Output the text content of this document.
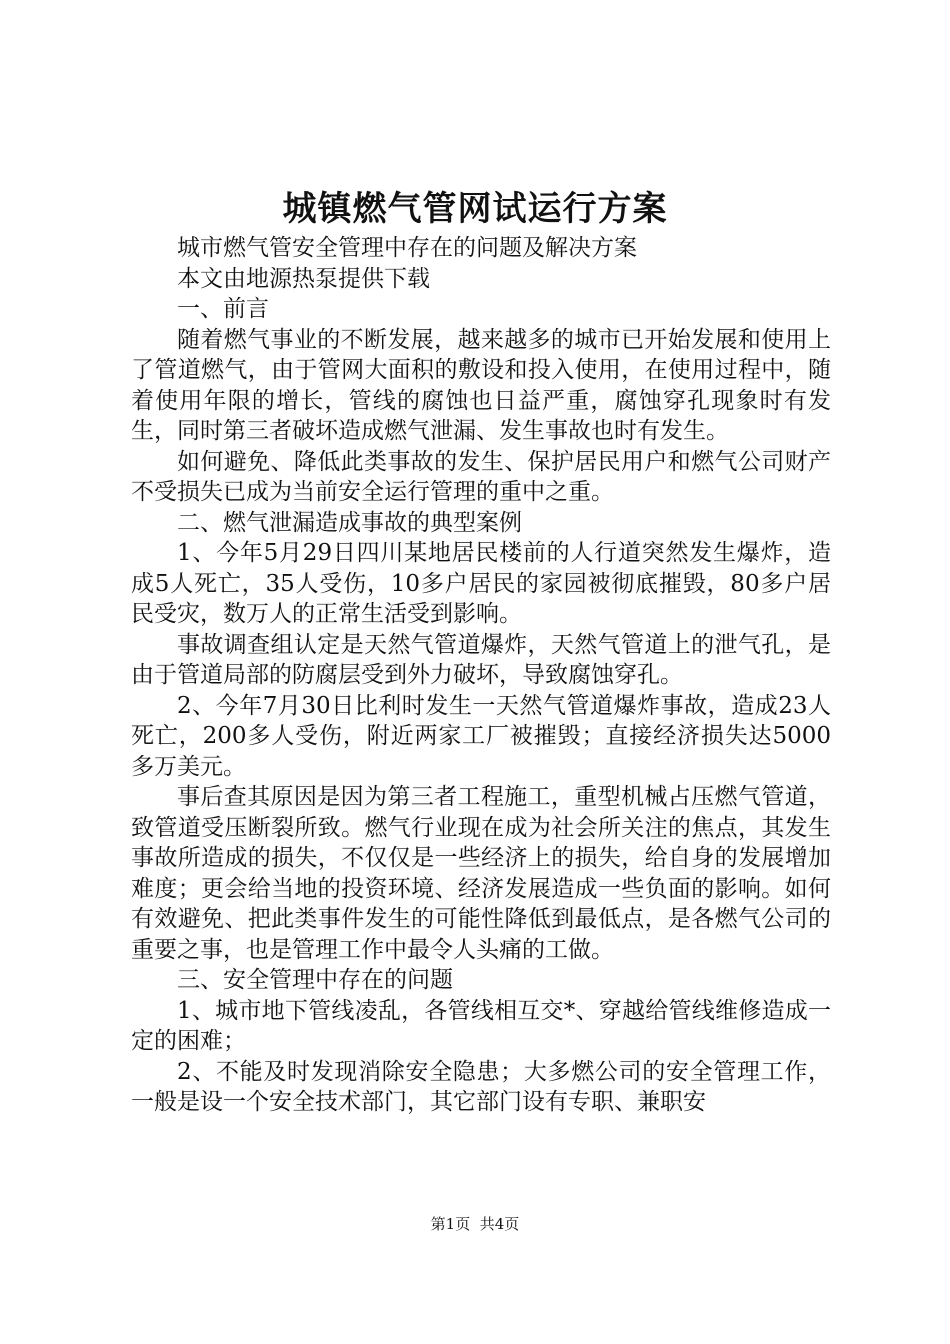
城镇燃气管网试运行方案

城市燃气管安全管理中存在的问题及解决方案

本文由地源热泵提供下载

一、前言

随着燃气事业的不断发展，越来越多的城市已开始发展和使用上了管道燃气，由于管网大面积的敷设和投入使用，在使用过程中，随着使用年限的增长，管线的腐蚀也日益严重，腐蚀穿孔现象时有发生，同时第三者破坏造成燃气泄漏、发生事故也时有发生。

如何避免、降低此类事故的发生、保护居民用户和燃气公司财产不受损失已成为当前安全运行管理的重中之重。

二、燃气泄漏造成事故的典型案例

1、今年5月29日四川某地居民楼前的人行道突然发生爆炸，造成5人死亡，35人受伤，10多户居民的家园被彻底摧毁，80多户居民受灾，数万人的正常生活受到影响。

事故调查组认定是天然气管道爆炸，天然气管道上的泄气孔，是由于管道局部的防腐层受到外力破坏，导致腐蚀穿孔。

2、今年7月30日比利时发生一天然气管道爆炸事故，造成23人死亡，200多人受伤，附近两家工厂被摧毁；直接经济损失达5000多万美元。

事后查其原因是因为第三者工程施工，重型机械占压燃气管道，致管道受压断裂所致。燃气行业现在成为社会所关注的焦点，其发生事故所造成的损失，不仅仅是一些经济上的损失，给自身的发展增加难度；更会给当地的投资环境、经济发展造成一些负面的影响。如何有效避免、把此类事件发生的可能性降低到最低点，是各燃气公司的重要之事，也是管理工作中最令人头痛的工做。

三、安全管理中存在的问题

1、城市地下管线凌乱，各管线相互交*、穿越给管线维修造成一定的困难；

2、不能及时发现消除安全隐患；大多燃公司的安全管理工作，一般是设一个安全技术部门，其它部门设有专职、兼职安

第1页 共4页
